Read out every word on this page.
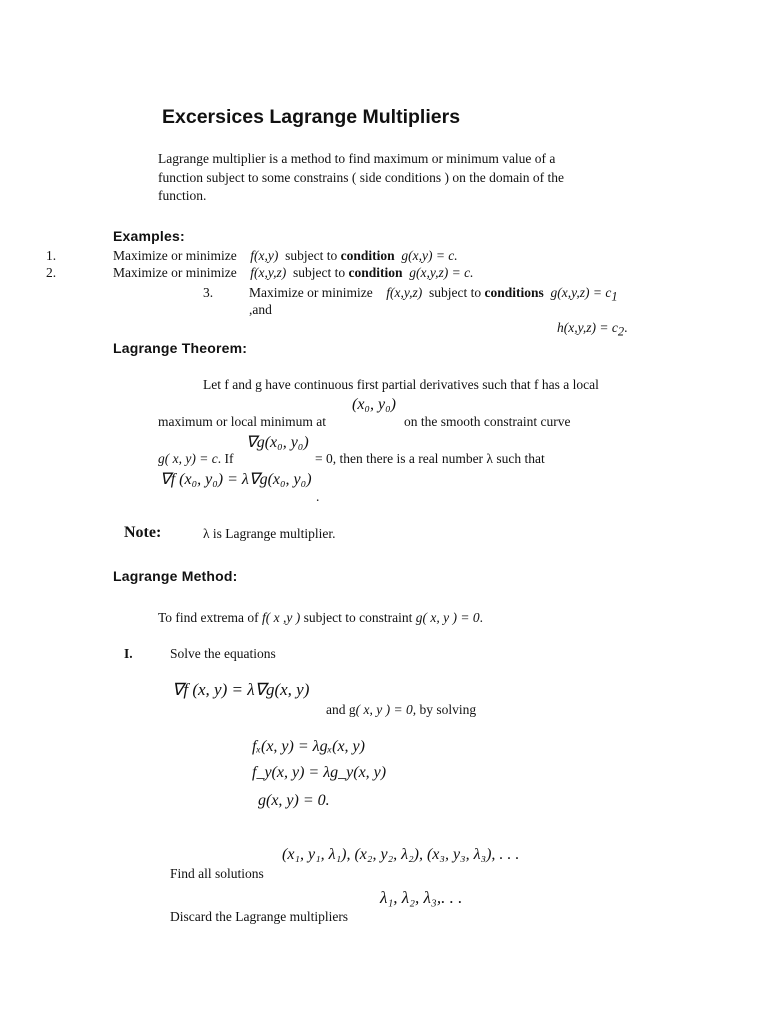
Excersices Lagrange Multipliers
Lagrange multiplier is a method to find maximum or minimum value of a
function subject to some constrains ( side conditions ) on the domain of the
function.
Examples:
1.	Maximize or minimize f(x,y) subject to condition g(x,y) = c.
2.	Maximize or minimize f(x,y,z) subject to condition g(x,y,z) = c.
3.	Maximize or minimize f(x,y,z) subject to conditions $g(x,y,z) = c_1$
,and
$h(x,y,z) = c_2$.
Lagrange Theorem:
Let f and g have continuous first partial derivatives such that f has a local
(x₀, y₀)
maximum or local minimum at	on the smooth constraint curve
∇g(x₀, y₀)
g( x, y) = c. If	= 0, then there is a real number λ such that
∇f (x₀, y₀) = λ∇g(x₀, y₀)
.
Note:	λ is Lagrange multiplier.
Lagrange Method:
To find extrema of f( x ,y ) subject to constraint g( x, y ) = 0.
I.	Solve the equations
∇f (x, y) = λ∇g(x, y)
and g( x, y ) = 0, by solving
fₓ(x, y) = λgₓ(x, y)
f_y(x, y) = λg_y(x, y)
g(x, y) = 0.
(x₁, y₁, λ₁), (x₂, y₂, λ₂), (x₃, y₃, λ₃), . . .
Find all solutions
λ₁, λ₂, λ₃,. . .
Discard the Lagrange multipliers
